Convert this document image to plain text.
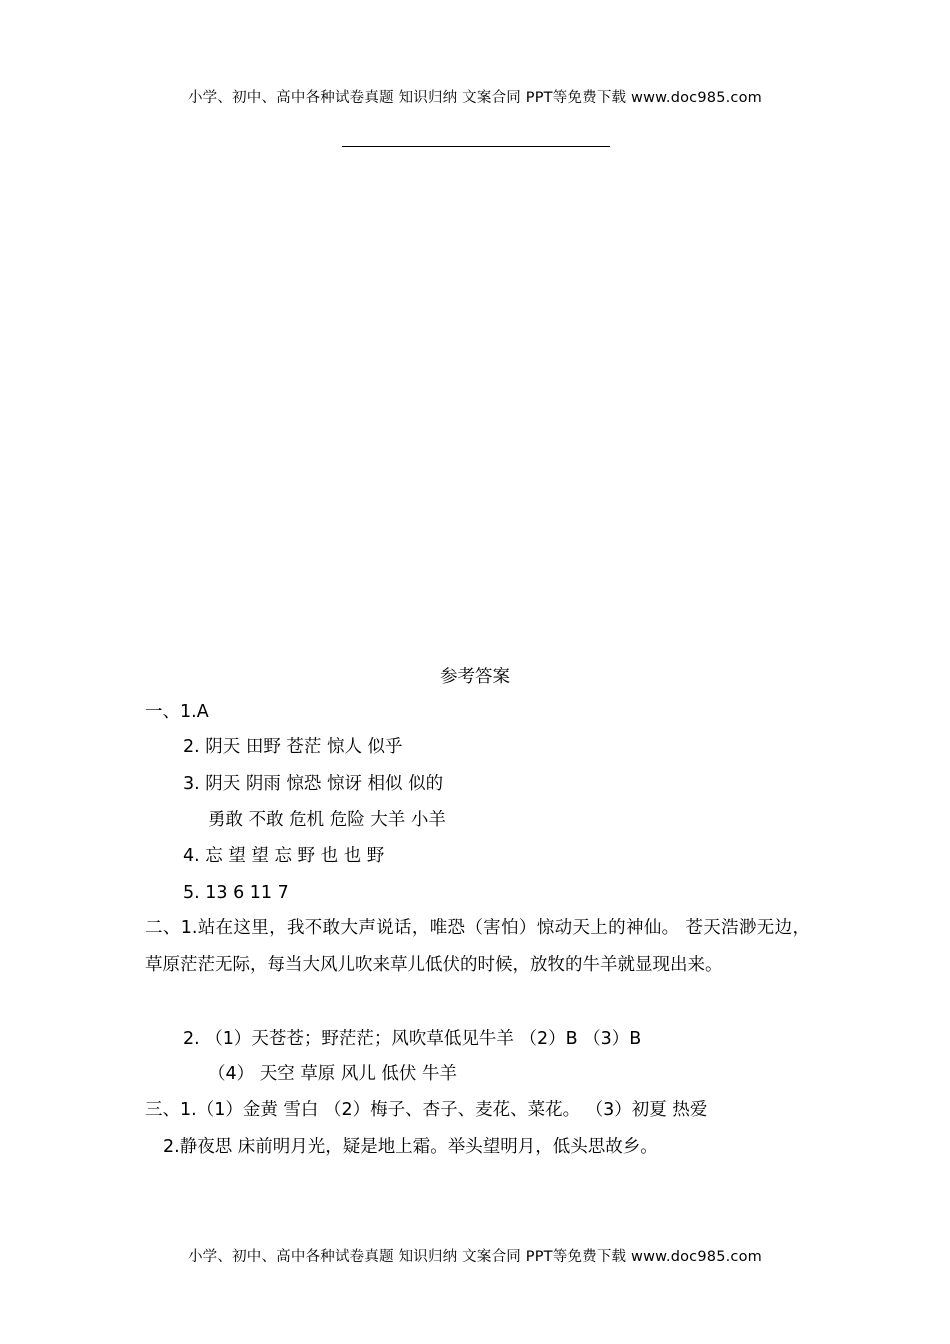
小学、初中、高中各种试卷真题 知识归纳 文案合同 PPT等免费下载 www.doc985.com
参考答案
一、1.A
2. 阴天 田野 苍茫 惊人 似乎
3. 阴天 阴雨 惊恐 惊讶 相似 似的
勇敢 不敢 危机 危险 大羊 小羊
4. 忘 望 望 忘 野 也 也 野
5. 13 6 11 7
二、1.站在这里，我不敢大声说话，唯恐（害怕）惊动天上的神仙。 苍天浩渺无边，草原茫茫无际，每当大风儿吹来草儿低伏的时候，放牧的牛羊就显现出来。
2. （1）天苍苍；野茫茫；风吹草低见牛羊 （2）B （3）B
（4） 天空 草原 风儿 低伏 牛羊
三、1.（1）金黄 雪白 （2）梅子、杏子、麦花、菜花。 （3）初夏 热爱
2.静夜思 床前明月光，疑是地上霜。举头望明月，低头思故乡。
小学、初中、高中各种试卷真题 知识归纳 文案合同 PPT等免费下载 www.doc985.com
